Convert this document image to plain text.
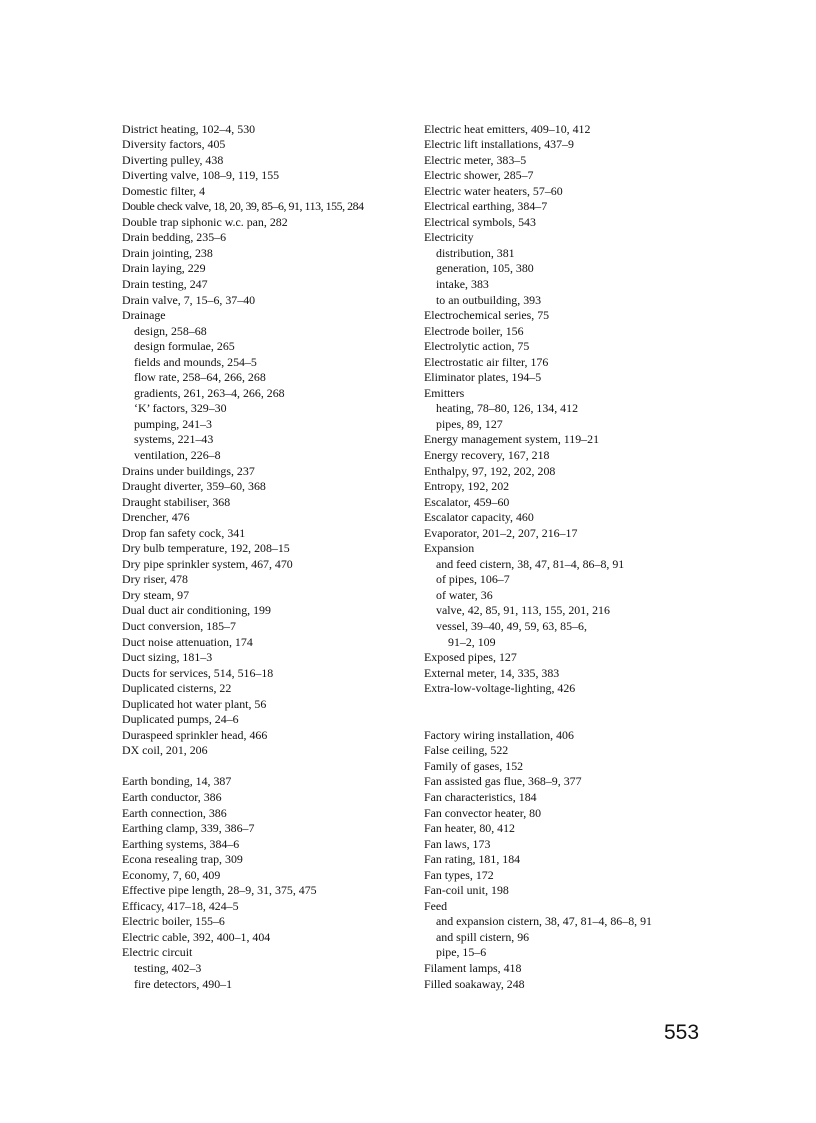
District heating, 102–4, 530
Diversity factors, 405
Diverting pulley, 438
Diverting valve, 108–9, 119, 155
Domestic filter, 4
Double check valve, 18, 20, 39, 85–6, 91, 113, 155, 284
Double trap siphonic w.c. pan, 282
Drain bedding, 235–6
Drain jointing, 238
Drain laying, 229
Drain testing, 247
Drain valve, 7, 15–6, 37–40
Drainage
design, 258–68
design formulae, 265
fields and mounds, 254–5
flow rate, 258–64, 266, 268
gradients, 261, 263–4, 266, 268
‘K’ factors, 329–30
pumping, 241–3
systems, 221–43
ventilation, 226–8
Drains under buildings, 237
Draught diverter, 359–60, 368
Draught stabiliser, 368
Drencher, 476
Drop fan safety cock, 341
Dry bulb temperature, 192, 208–15
Dry pipe sprinkler system, 467, 470
Dry riser, 478
Dry steam, 97
Dual duct air conditioning, 199
Duct conversion, 185–7
Duct noise attenuation, 174
Duct sizing, 181–3
Ducts for services, 514, 516–18
Duplicated cisterns, 22
Duplicated hot water plant, 56
Duplicated pumps, 24–6
Duraspeed sprinkler head, 466
DX coil, 201, 206
Earth bonding, 14, 387
Earth conductor, 386
Earth connection, 386
Earthing clamp, 339, 386–7
Earthing systems, 384–6
Econa resealing trap, 309
Economy, 7, 60, 409
Effective pipe length, 28–9, 31, 375, 475
Efficacy, 417–18, 424–5
Electric boiler, 155–6
Electric cable, 392, 400–1, 404
Electric circuit
testing, 402–3
fire detectors, 490–1
Electric heat emitters, 409–10, 412
Electric lift installations, 437–9
Electric meter, 383–5
Electric shower, 285–7
Electric water heaters, 57–60
Electrical earthing, 384–7
Electrical symbols, 543
Electricity
distribution, 381
generation, 105, 380
intake, 383
to an outbuilding, 393
Electrochemical series, 75
Electrode boiler, 156
Electrolytic action, 75
Electrostatic air filter, 176
Eliminator plates, 194–5
Emitters
heating, 78–80, 126, 134, 412
pipes, 89, 127
Energy management system, 119–21
Energy recovery, 167, 218
Enthalpy, 97, 192, 202, 208
Entropy, 192, 202
Escalator, 459–60
Escalator capacity, 460
Evaporator, 201–2, 207, 216–17
Expansion
and feed cistern, 38, 47, 81–4, 86–8, 91
of pipes, 106–7
of water, 36
valve, 42, 85, 91, 113, 155, 201, 216
vessel, 39–40, 49, 59, 63, 85–6,
91–2, 109
Exposed pipes, 127
External meter, 14, 335, 383
Extra-low-voltage-lighting, 426
Factory wiring installation, 406
False ceiling, 522
Family of gases, 152
Fan assisted gas flue, 368–9, 377
Fan characteristics, 184
Fan convector heater, 80
Fan heater, 80, 412
Fan laws, 173
Fan rating, 181, 184
Fan types, 172
Fan-coil unit, 198
Feed
and expansion cistern, 38, 47, 81–4, 86–8, 91
and spill cistern, 96
pipe, 15–6
Filament lamps, 418
Filled soakaway, 248
553
